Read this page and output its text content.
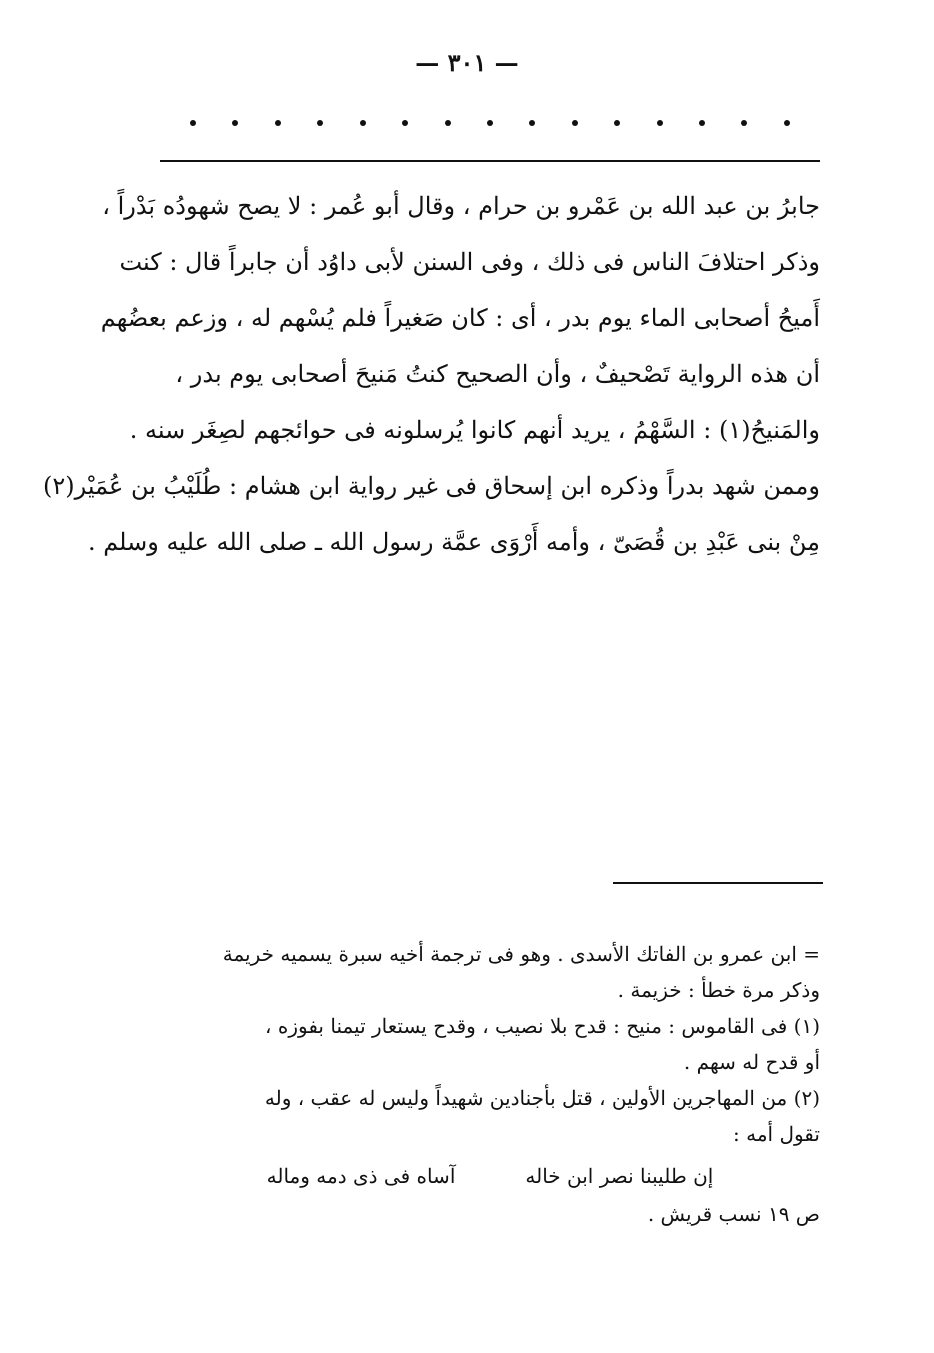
— ٣٠١ —
جابرُ بن عبد الله بن عَمْرو بن حرام ، وقال أبو عُمر : لا يصح شهودُه بَدْراً ،
وذكر احتلافَ الناس فى ذلك ، وفى السنن لأبى داوُد أن جابراً قال : كنت
أَميحُ أصحابى الماء يوم بدر ، أى : كان صَغيراً فلم يُسْهم له ، وزعم بعضُهم
أن هذه الرواية تَصْحيفٌ ، وأن الصحيح كنتُ مَنيحَ أصحابى يوم بدر ،
والمَنيحُ(١) : السَّهْمُ ، يريد أنهم كانوا يُرسلونه فى حوائجهم لصِغَر سنه .
وممن شهد بدراً وذكره ابن إسحاق فى غير رواية ابن هشام : طُلَيْبُ بن عُمَيْر(٢)
مِنْ بنى عَبْدِ بن قُصَىّ ، وأمه أَرْوَى عمَّة رسول الله ـ صلى الله عليه وسلم .
= ابن عمرو بن الفاتك الأسدى . وهو فى ترجمة أخيه سبرة يسميه خريمة
وذكر مرة خطأ : خزيمة .
(١) فى القاموس : منيح : قدح بلا نصيب ، وقدح يستعار تيمنا بفوزه ،
أو قدح له سهم .
(٢) من المهاجرين الأولين ، قتل بأجنادين شهيداً وليس له عقب ، وله
تقول أمه :
إن طليبنا نصر ابن خاله
آساه فى ذى دمه وماله
ص ١٩ نسب قريش .
